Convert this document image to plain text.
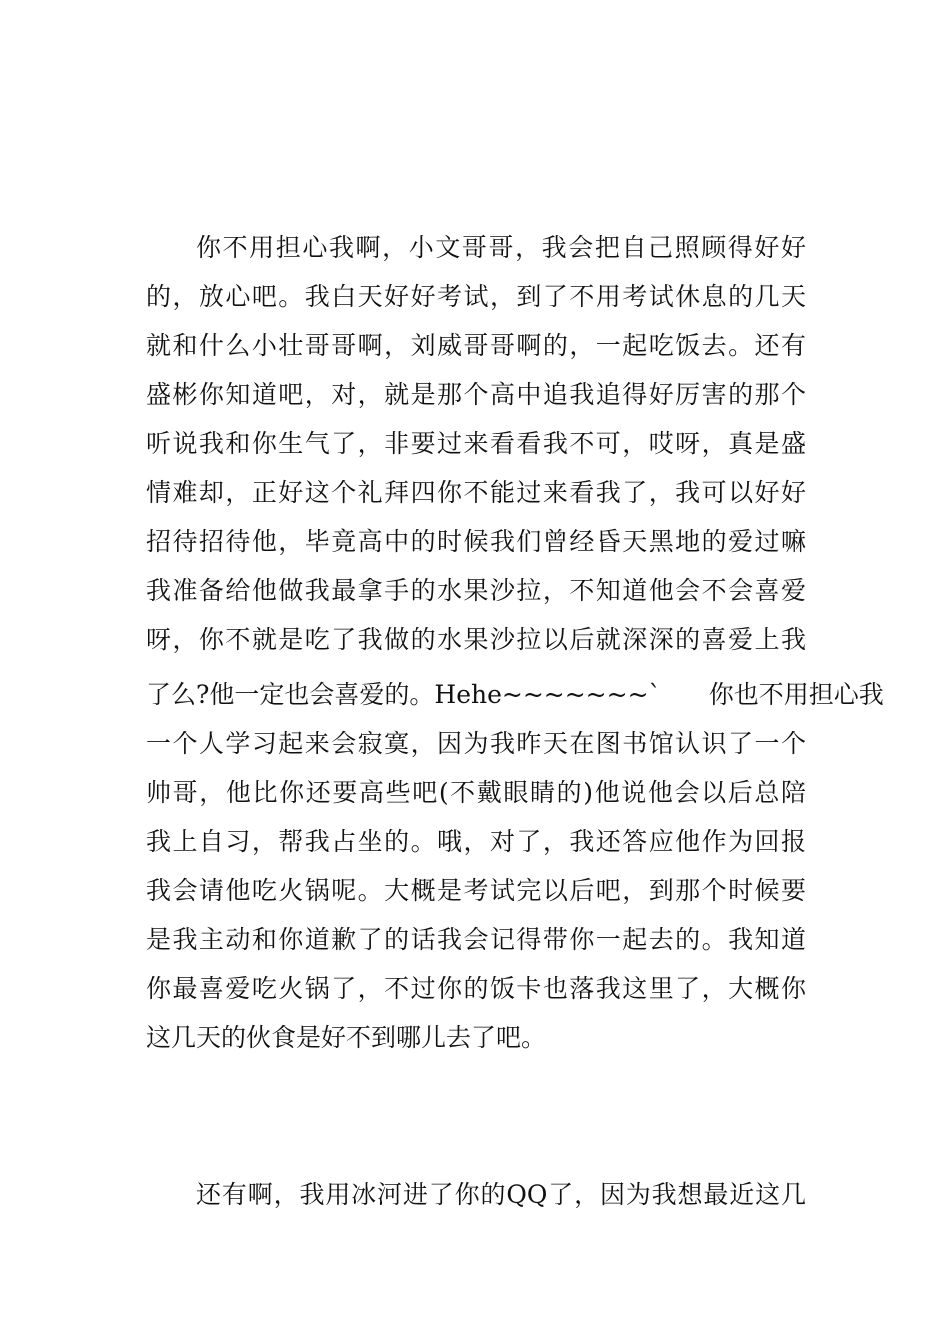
你不用担心我啊，小文哥哥，我会把自己照顾得好好
的，放心吧。我白天好好考试，到了不用考试休息的几天
就和什么小壮哥哥啊，刘威哥哥啊的，一起吃饭去。还有
盛彬你知道吧，对，就是那个高中追我追得好厉害的那个
听说我和你生气了，非要过来看看我不可，哎呀，真是盛
情难却，正好这个礼拜四你不能过来看我了，我可以好好
招待招待他，毕竟高中的时候我们曾经昏天黑地的爱过嘛
我准备给他做我最拿手的水果沙拉，不知道他会不会喜爱
呀，你不就是吃了我做的水果沙拉以后就深深的喜爱上我
了么?他一定也会喜爱的。Hehe~~~~~~~`      你也不用担心我
一个人学习起来会寂寞，因为我昨天在图书馆认识了一个
帅哥，他比你还要高些吧(不戴眼睛的)他说他会以后总陪
我上自习，帮我占坐的。哦，对了，我还答应他作为回报
我会请他吃火锅呢。大概是考试完以后吧，到那个时候要
是我主动和你道歉了的话我会记得带你一起去的。我知道
你最喜爱吃火锅了，不过你的饭卡也落我这里了，大概你
这几天的伙食是好不到哪儿去了吧。
还有啊，我用冰河进了你的QQ了，因为我想最近这几
